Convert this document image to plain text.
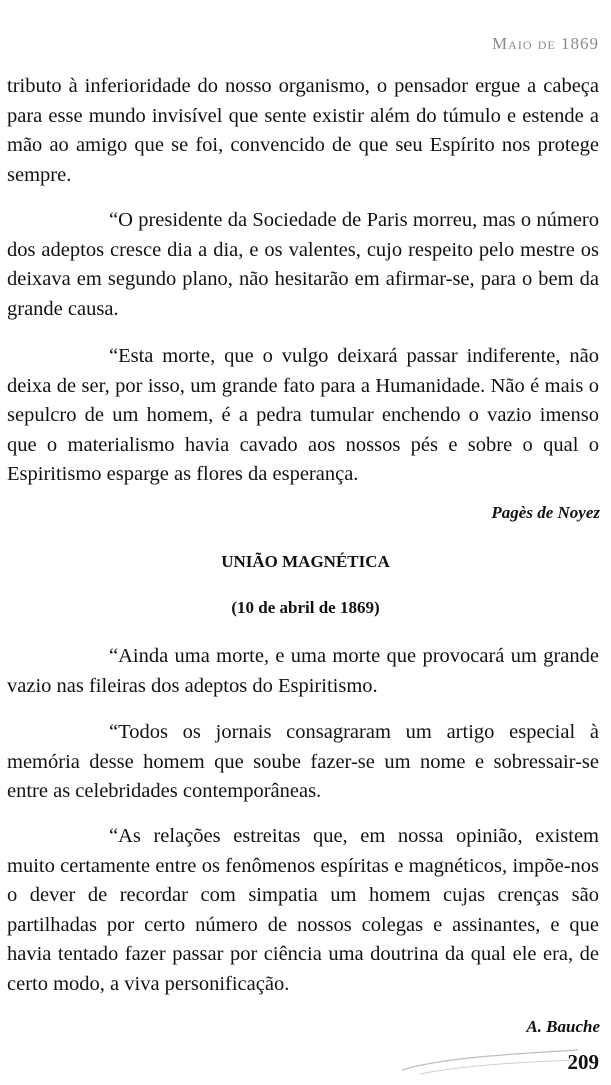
Maio de 1869

tributo à inferioridade do nosso organismo, o pensador ergue a cabeça para esse mundo invisível que sente existir além do túmulo e estende a mão ao amigo que se foi, convencido de que seu Espírito nos protege sempre.

“O presidente da Sociedade de Paris morreu, mas o número dos adeptos cresce dia a dia, e os valentes, cujo respeito pelo mestre os deixava em segundo plano, não hesitarão em afirmar-se, para o bem da grande causa.

“Esta morte, que o vulgo deixará passar indiferente, não deixa de ser, por isso, um grande fato para a Humanidade. Não é mais o sepulcro de um homem, é a pedra tumular enchendo o vazio imenso que o materialismo havia cavado aos nossos pés e sobre o qual o Espiritismo esparge as flores da esperança.

Pagès de Noyez
UNIÃO MAGNÉTICA
(10 de abril de 1869)

“Ainda uma morte, e uma morte que provocará um grande vazio nas fileiras dos adeptos do Espiritismo.

“Todos os jornais consagraram um artigo especial à memória desse homem que soube fazer-se um nome e sobressair-se entre as celebridades contemporâneas.

“As relações estreitas que, em nossa opinião, existem muito certamente entre os fenômenos espíritas e magnéticos, impõe-nos o dever de recordar com simpatia um homem cujas crenças são partilhadas por certo número de nossos colegas e assinantes, e que havia tentado fazer passar por ciência uma doutrina da qual ele era, de certo modo, a viva personificação.

A. Bauche
209
